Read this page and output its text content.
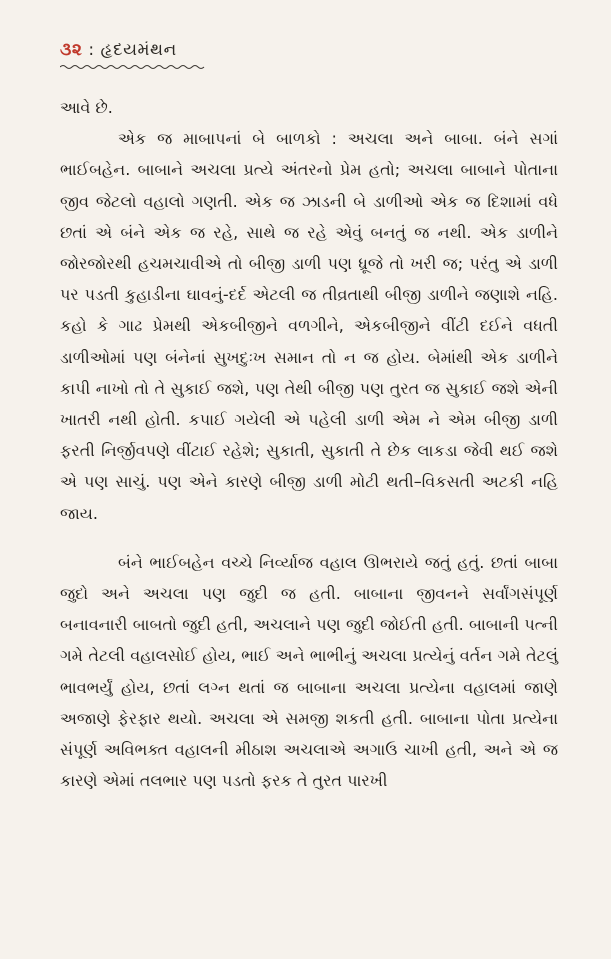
૩૨ : હૃદયમંથન

આવે છે.

એક જ માબાપનાં બે બાળકો : અચલા અને બાબા. બંને સગાં ભાઈબહેન. બાબાને અચલા પ્રત્યે અંતરનો પ્રેમ હતો; અચલા બાબાને પોતાના જીવ જેટલો વહાલો ગણતી. એક જ ઝાડની બે ડાળીઓ એક જ દિશામાં વધે છતાં એ બંને એક જ રહે, સાથે જ રહે એવું બનતું જ નથી. એક ડાળીને જોરજોરથી હચમચાવીએ તો બીજી ડાળી પણ ધ્રૂજે તો ખરી જ; પરંતુ એ ડાળી પર પડતી કુહાડીના ઘાવનું-દર્દ એટલી જ તીવ્રતાથી બીજી ડાળીને જણાશે નહિ. કહો કે ગાઢ પ્રેમથી એકબીજીને વળગીને, એકબીજીને વીંટી દઈને વધતી ડાળીઓમાં પણ બંનેનાં સુખદુઃખ સમાન તો ન જ હોય. બેમાંથી એક ડાળીને કાપી નાખો તો તે સુકાઈ જશે, પણ તેથી બીજી પણ તુરત જ સુકાઈ જશે એની ખાતરી નથી હોતી. કપાઈ ગયેલી એ પહેલી ડાળી એમ ને એમ બીજી ડાળી ફરતી નિર્જીવપણે વીંટાઈ રહેશે; સુકાતી, સુકાતી તે છેક લાકડા જેવી થઈ જશે એ પણ સાચું. પણ એને કારણે બીજી ડાળી મોટી થતી–વિકસતી અટકી નહિ જાય.

બંને ભાઈબહેન વચ્ચે નિર્વ્યાજ વહાલ ઊભરાયે જતું હતું. છતાં બાબા જુદો અને અચલા પણ જુદી જ હતી. બાબાના જીવનને સર્વાંગસંપૂર્ણ બનાવનારી બાબતો જુદી હતી, અચલાને પણ જુદી જોઈતી હતી. બાબાની પત્ની ગમે તેટલી વહાલસોઈ હોય, ભાઈ અને ભાભીનું અચલા પ્રત્યેનું વર્તન ગમે તેટલું ભાવભર્યું હોય, છતાં લગ્ન થતાં જ બાબાના અચલા પ્રત્યેના વહાલમાં જાણે અજાણે ફેરફાર થયો. અચલા એ સમજી શકતી હતી. બાબાના પોતા પ્રત્યેના સંપૂર્ણ અવિભક્ત વહાલની મીઠાશ અચલાએ અગાઉ ચાખી હતી, અને એ જ કારણે એમાં તલભાર પણ પડતો ફરક તે તુરત પારખી
